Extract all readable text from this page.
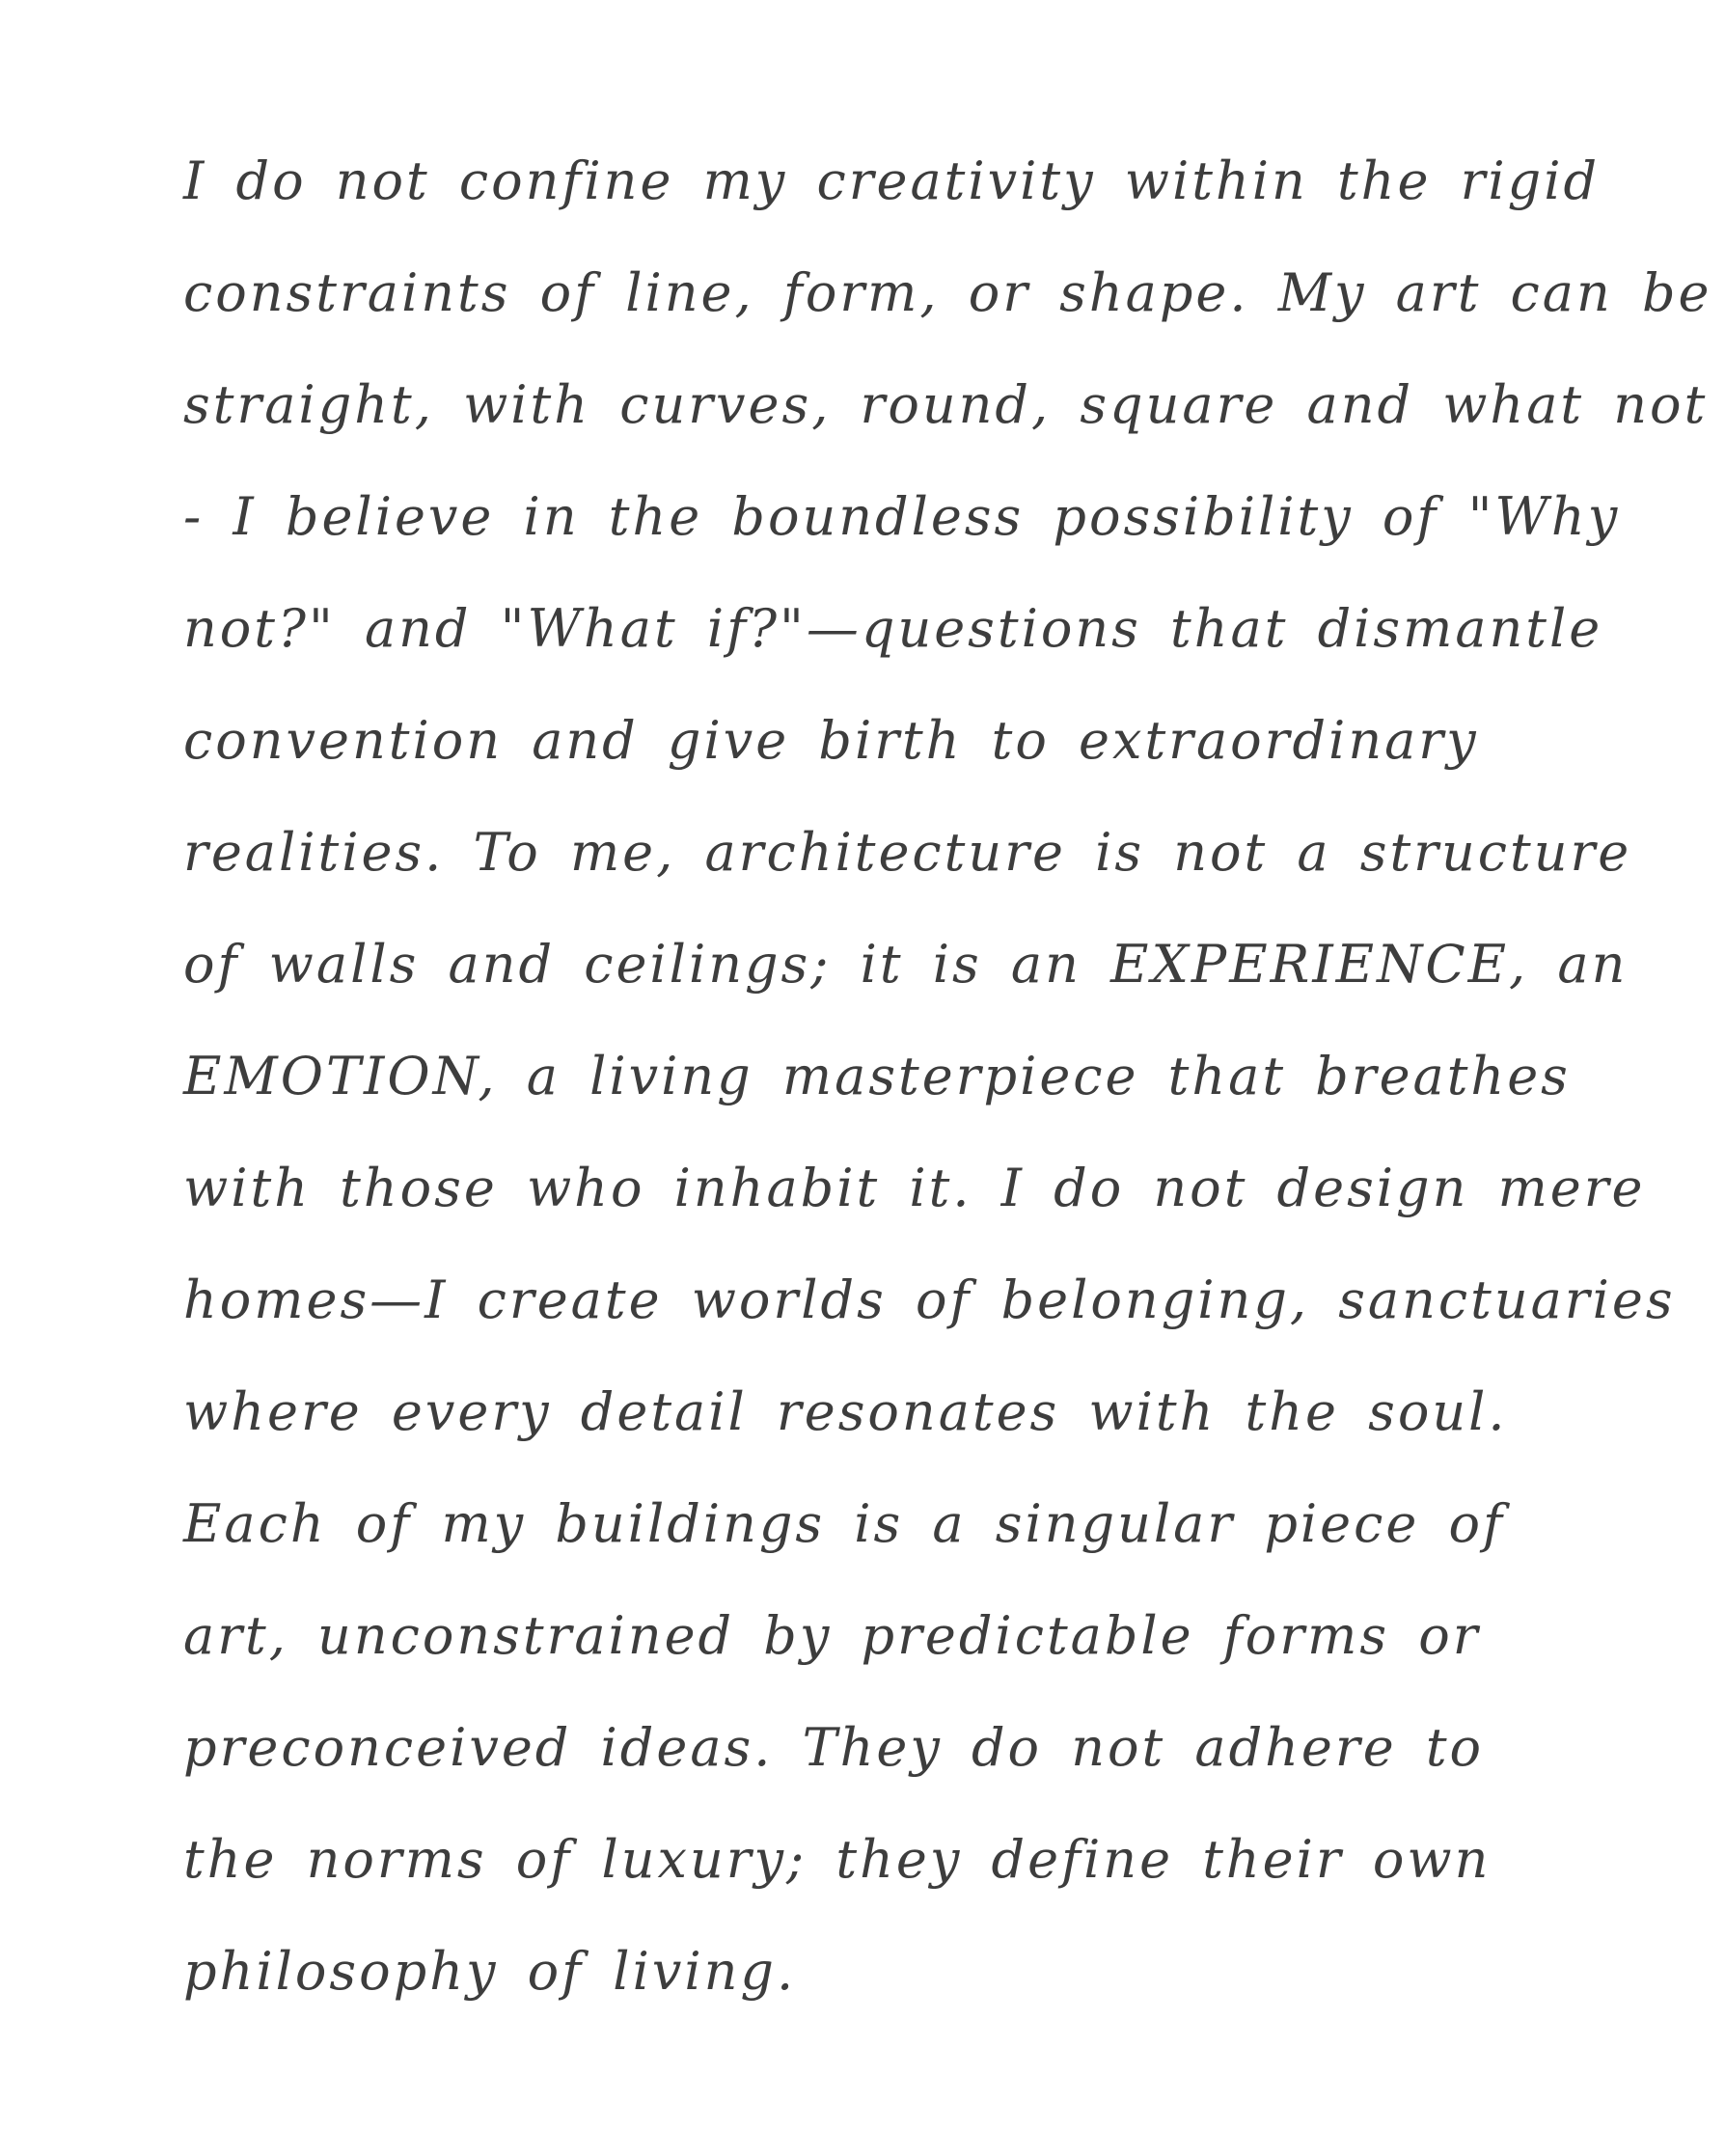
I do not confine my creativity within the rigid
constraints of line, form, or shape. My art can be
straight, with curves, round, square and what not
- I believe in the boundless possibility of "Why
not?" and "What if?"—questions that dismantle
convention and give birth to extraordinary
realities. To me, architecture is not a structure
of walls and ceilings; it is an EXPERIENCE, an
EMOTION, a living masterpiece that breathes
with those who inhabit it. I do not design mere
homes—I create worlds of belonging, sanctuaries
where every detail resonates with the soul.
Each of my buildings is a singular piece of
art, unconstrained by predictable forms or
preconceived ideas. They do not adhere to
the norms of luxury; they define their own
philosophy of living.
